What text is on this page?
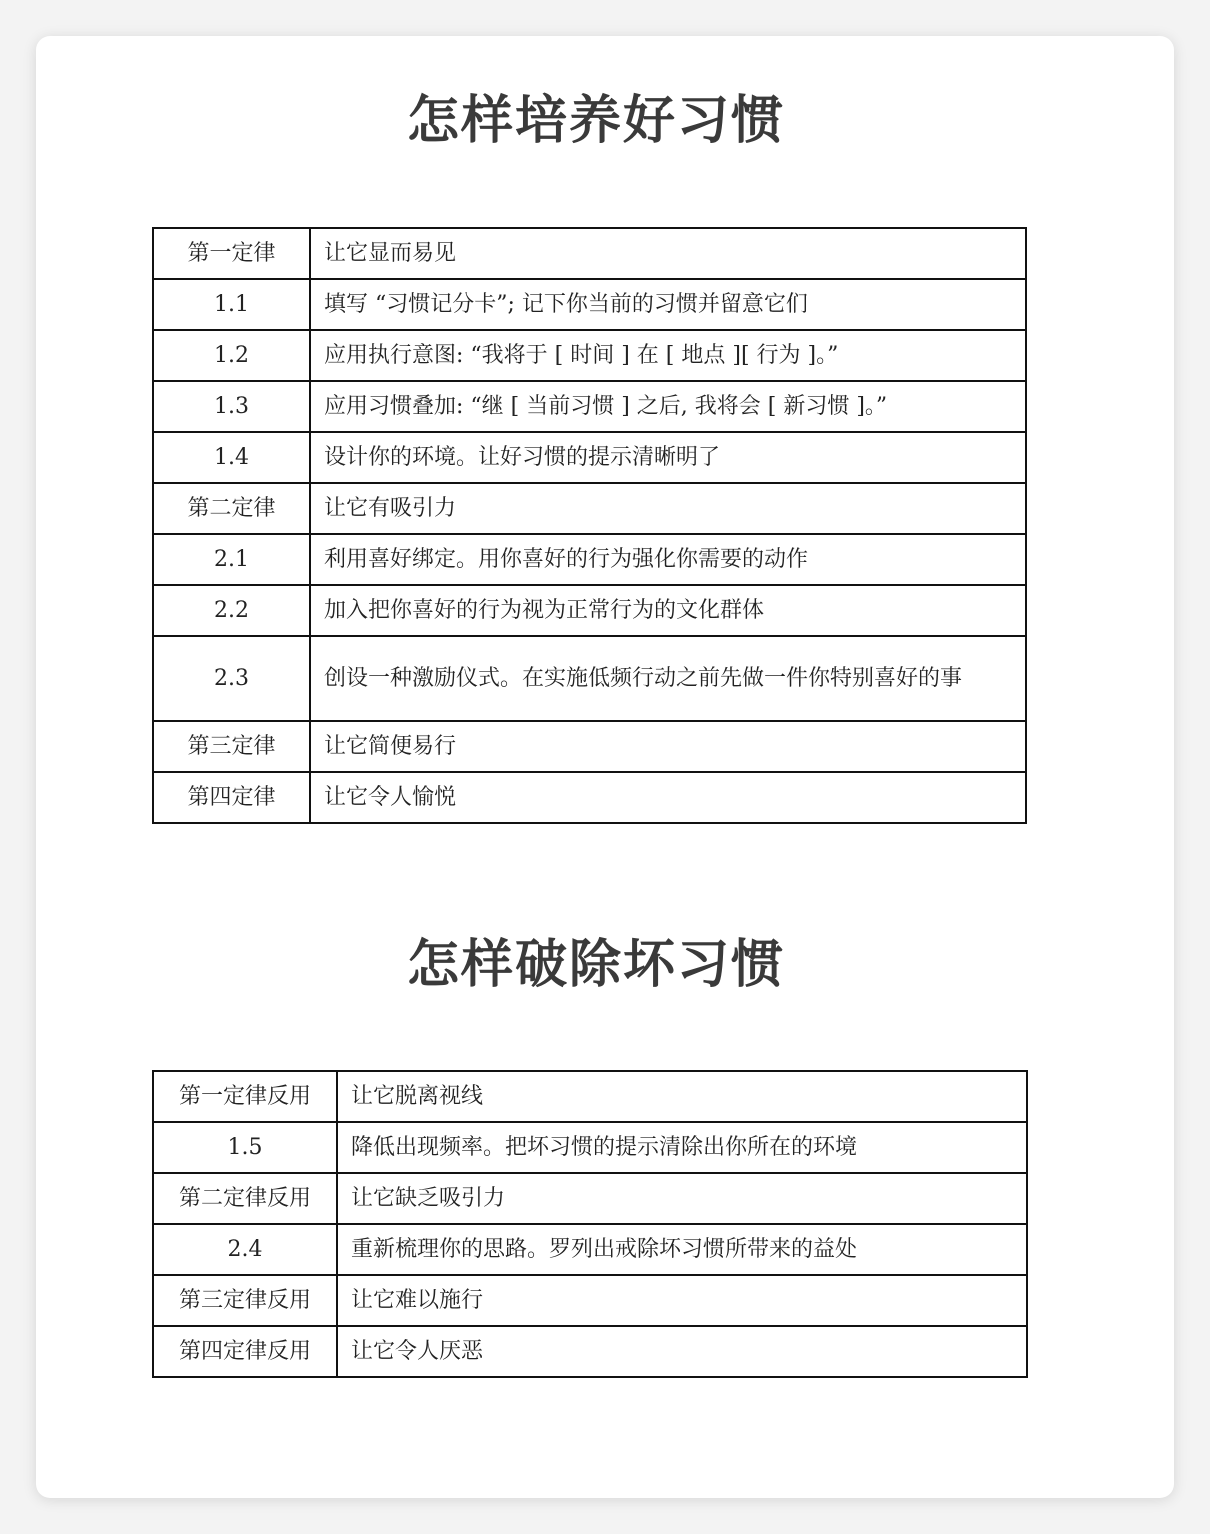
怎样培养好习惯
第一定律	让它显而易见
1.1	填写 “习惯记分卡”; 记下你当前的习惯并留意它们
1.2	应用执行意图: “我将于 [ 时间 ] 在 [ 地点 ][ 行为 ]。”
1.3	应用习惯叠加: “继 [ 当前习惯 ] 之后, 我将会 [ 新习惯 ]。”
1.4	设计你的环境。让好习惯的提示清晰明了
第二定律	让它有吸引力
2.1	利用喜好绑定。用你喜好的行为强化你需要的动作
2.2	加入把你喜好的行为视为正常行为的文化群体
2.3	创设一种激励仪式。在实施低频行动之前先做一件你特别喜好的事
第三定律	让它简便易行
第四定律	让它令人愉悦
怎样破除坏习惯
第一定律反用	让它脱离视线
1.5	降低出现频率。把坏习惯的提示清除出你所在的环境
第二定律反用	让它缺乏吸引力
2.4	重新梳理你的思路。罗列出戒除坏习惯所带来的益处
第三定律反用	让它难以施行
第四定律反用	让它令人厌恶
